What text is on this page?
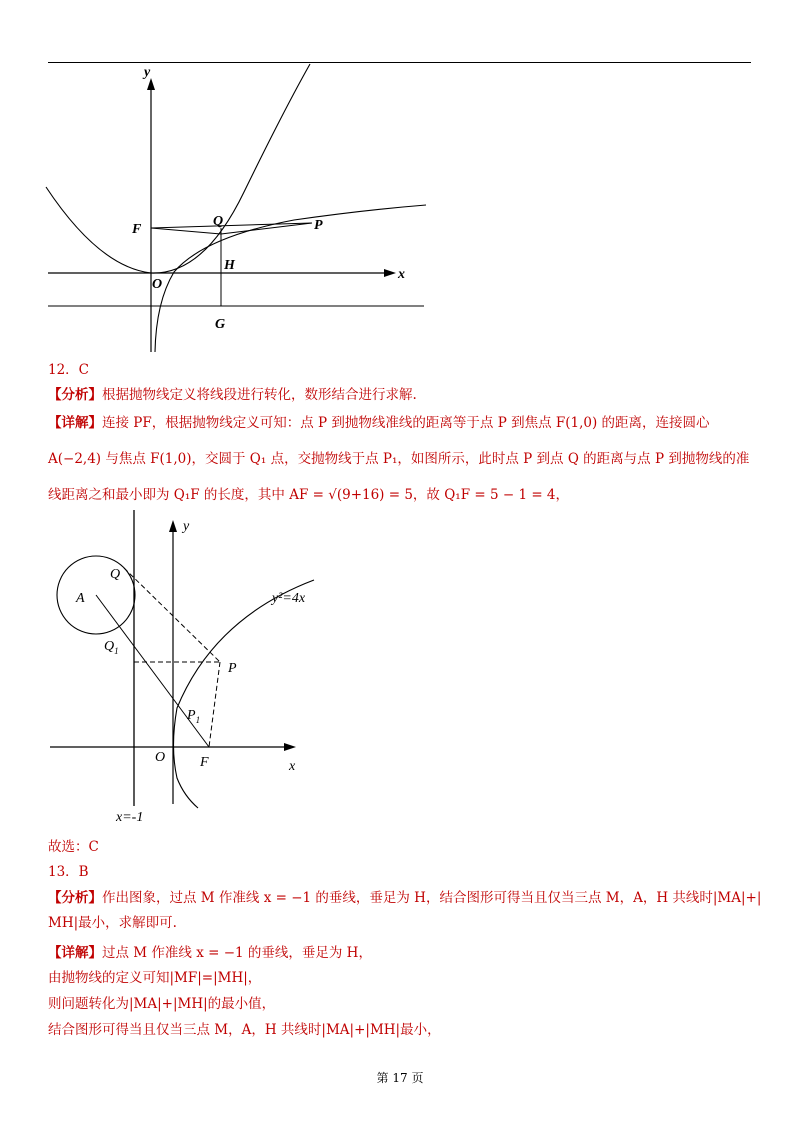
y
x
F
Q	P
H
O
G
12．C
【分析】根据抛物线定义将线段进行转化，数形结合进行求解.
【详解】连接 PF，根据抛物线定义可知：点 P 到抛物线准线的距离等于点 P 到焦点 F(1,0) 的距离，连接圆心
A(−2,4) 与焦点 F(1,0)，交圆于 Q₁ 点，交抛物线于点 P₁，如图所示，此时点 P 到点 Q 的距离与点 P 到抛物线的准
线距离之和最小即为 Q₁F 的长度，其中 AF = √(9+16) = 5，故 Q₁F = 5 − 1 = 4，
y
x
Q
A
$Q_1$
P
$P_1$
O F
y²=4x
x=-1
故选：C
13．B
【分析】作出图象，过点 M 作准线 x = −1 的垂线，垂足为 H，结合图形可得当且仅当三点 M，A，H 共线时|MA|+|
MH|最小，求解即可.
【详解】过点 M 作准线 x = −1 的垂线，垂足为 H，
由抛物线的定义可知|MF|=|MH|，
则问题转化为|MA|+|MH|的最小值，
结合图形可得当且仅当三点 M，A，H 共线时|MA|+|MH|最小，
第 17 页
